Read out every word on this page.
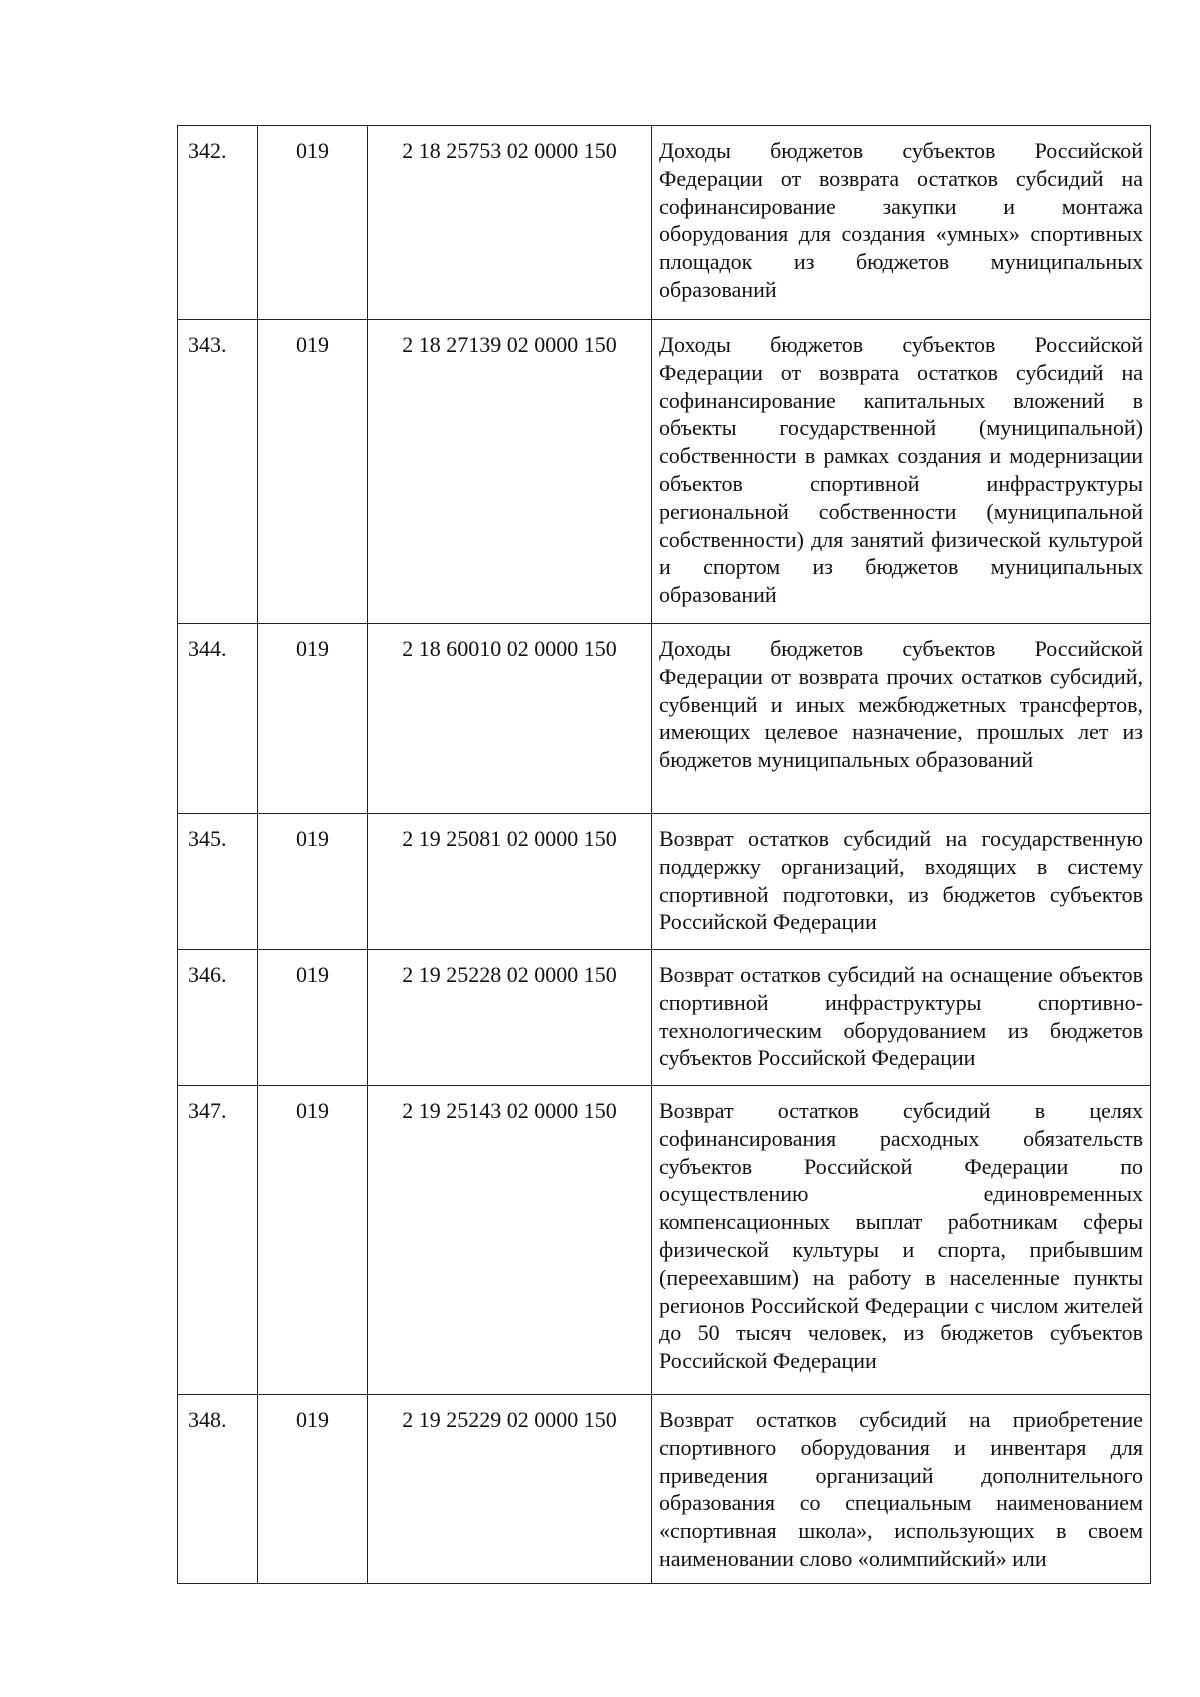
342.	019	2 18 25753 02 0000 150	Доходы бюджетов субъектов Российской Федерации от возврата остатков субсидий на софинансирование закупки и монтажа оборудования для создания «умных» спортивных площадок из бюджетов муниципальных образований
343.	019	2 18 27139 02 0000 150	Доходы бюджетов субъектов Российской Федерации от возврата остатков субсидий на софинансирование капитальных вложений в объекты государственной (муниципальной) собственности в рамках создания и модернизации объектов спортивной инфраструктуры региональной собственности (муниципальной собственности) для занятий физической культурой и спортом из бюджетов муниципальных образований
344.	019	2 18 60010 02 0000 150	Доходы бюджетов субъектов Российской Федерации от возврата прочих остатков субсидий, субвенций и иных межбюджетных трансфертов, имеющих целевое назначение, прошлых лет из бюджетов муниципальных образований
345.	019	2 19 25081 02 0000 150	Возврат остатков субсидий на государственную поддержку организаций, входящих в систему спортивной подготовки, из бюджетов субъектов Российской Федерации
346.	019	2 19 25228 02 0000 150	Возврат остатков субсидий на оснащение объектов спортивной инфраструктуры спортивно-технологическим оборудованием из бюджетов субъектов Российской Федерации
347.	019	2 19 25143 02 0000 150	Возврат остатков субсидий в целях софинансирования расходных обязательств субъектов Российской Федерации по осуществлению единовременных компенсационных выплат работникам сферы физической культуры и спорта, прибывшим (переехавшим) на работу в населенные пункты регионов Российской Федерации с числом жителей до 50 тысяч человек, из бюджетов субъектов Российской Федерации
348.	019	2 19 25229 02 0000 150	Возврат остатков субсидий на приобретение спортивного оборудования и инвентаря для приведения организаций дополнительного образования со специальным наименованием «спортивная школа», использующих в своем наименовании слово «олимпийский» или
